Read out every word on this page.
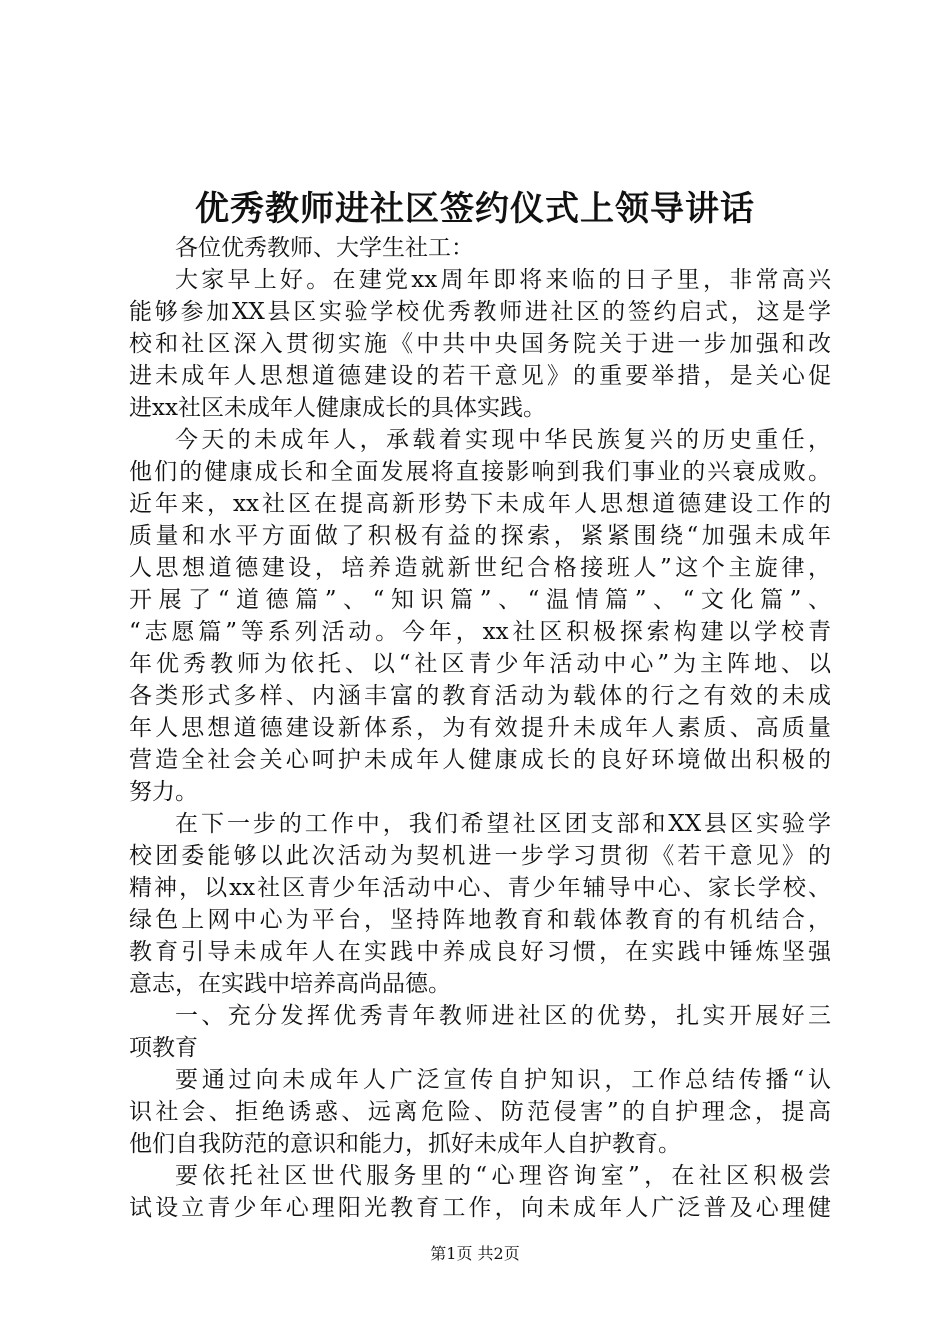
优秀教师进社区签约仪式上领导讲话
各位优秀教师、大学生社工：
大家早上好。在建党xx周年即将来临的日子里，非常高兴
能够参加XX县区实验学校优秀教师进社区的签约启式，这是学
校和社区深入贯彻实施《中共中央国务院关于进一步加强和改
进未成年人思想道德建设的若干意见》的重要举措，是关心促
进xx社区未成年人健康成长的具体实践。
今天的未成年人，承载着实现中华民族复兴的历史重任，
他们的健康成长和全面发展将直接影响到我们事业的兴衰成败。
近年来，xx社区在提高新形势下未成年人思想道德建设工作的
质量和水平方面做了积极有益的探索，紧紧围绕“加强未成年
人思想道德建设，培养造就新世纪合格接班人”这个主旋律，
开展了“道德篇”、“知识篇”、“温情篇”、“文化篇”、
“志愿篇”等系列活动。今年，xx社区积极探索构建以学校青
年优秀教师为依托、以“社区青少年活动中心”为主阵地、以
各类形式多样、内涵丰富的教育活动为载体的行之有效的未成
年人思想道德建设新体系，为有效提升未成年人素质、高质量
营造全社会关心呵护未成年人健康成长的良好环境做出积极的
努力。
在下一步的工作中，我们希望社区团支部和XX县区实验学
校团委能够以此次活动为契机进一步学习贯彻《若干意见》的
精神，以xx社区青少年活动中心、青少年辅导中心、家长学校、
绿色上网中心为平台，坚持阵地教育和载体教育的有机结合，
教育引导未成年人在实践中养成良好习惯，在实践中锤炼坚强
意志，在实践中培养高尚品德。
一、充分发挥优秀青年教师进社区的优势，扎实开展好三
项教育
要通过向未成年人广泛宣传自护知识，工作总结传播“认
识社会、拒绝诱惑、远离危险、防范侵害”的自护理念，提高
他们自我防范的意识和能力，抓好未成年人自护教育。
要依托社区世代服务里的“心理咨询室”，在社区积极尝
试设立青少年心理阳光教育工作，向未成年人广泛普及心理健
第1页 共2页
